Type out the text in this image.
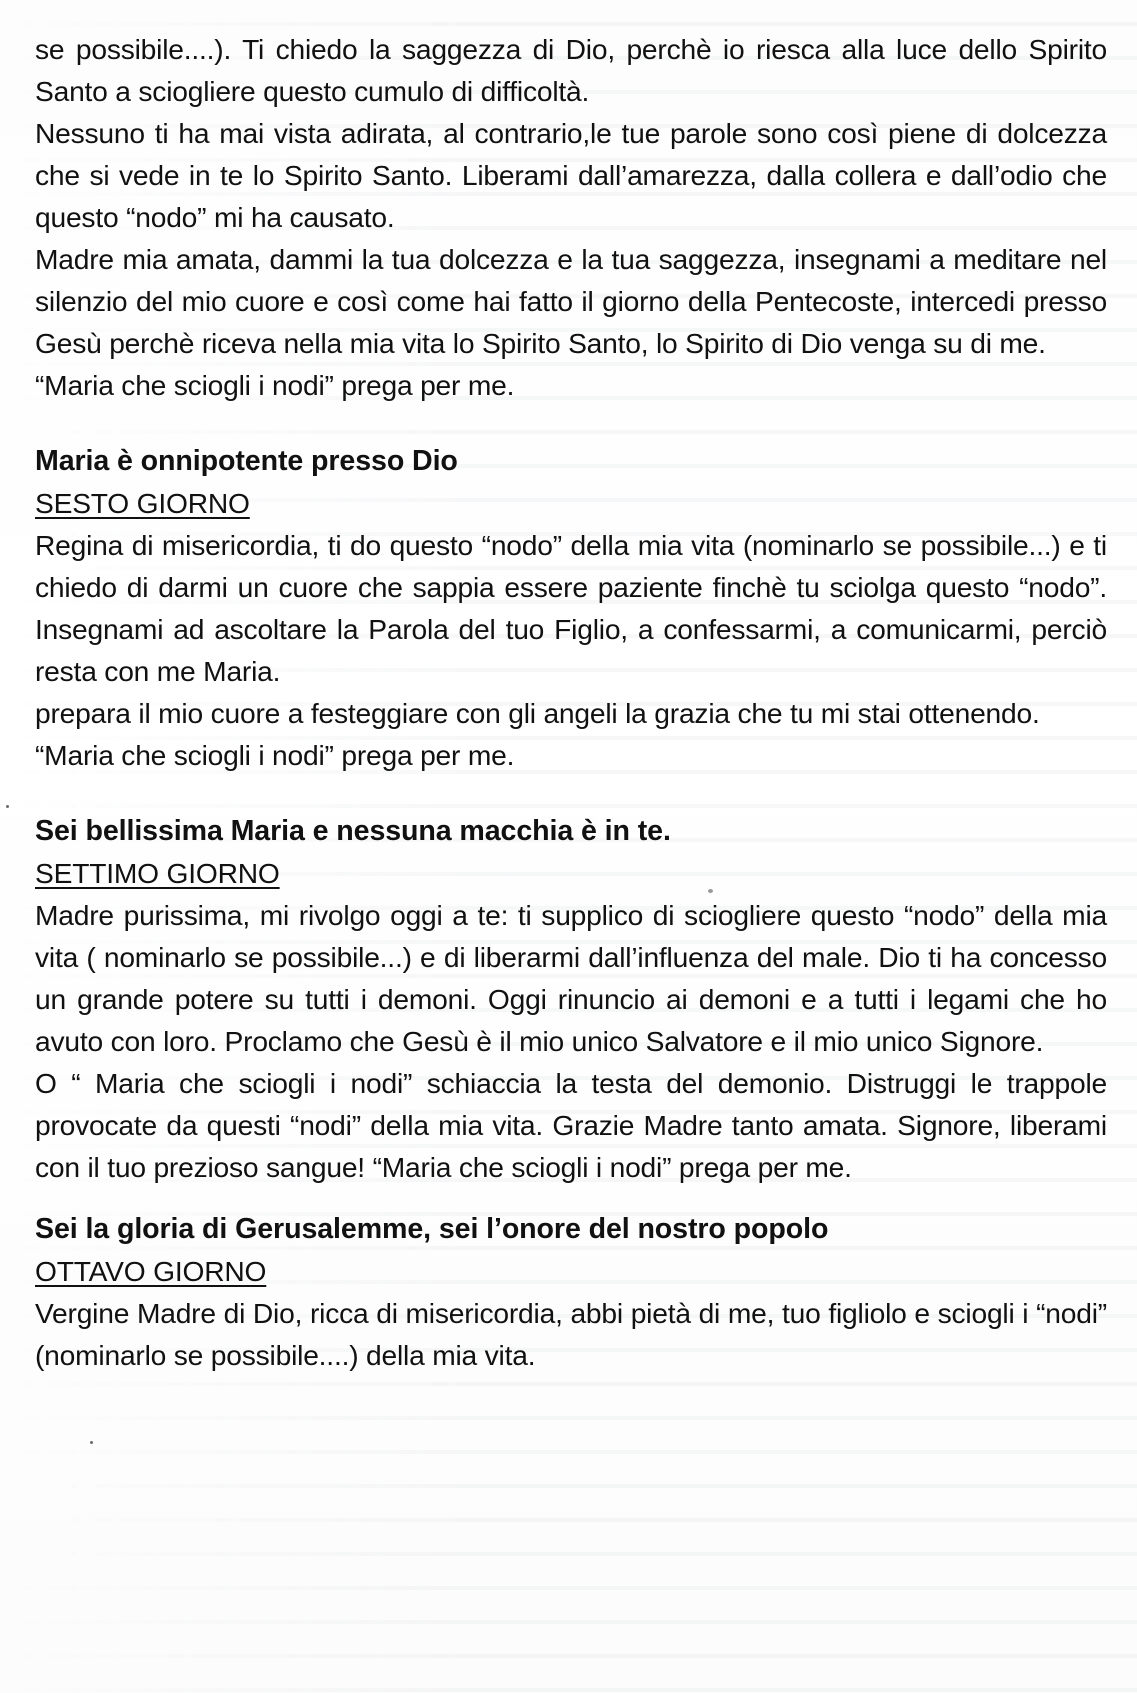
se possibile....). Ti chiedo la saggezza di Dio, perchè io riesca alla luce dello Spirito Santo a sciogliere questo cumulo di difficoltà.

Nessuno ti ha mai vista adirata, al contrario,le tue parole sono così piene di dolcezza che si vede in te lo Spirito Santo. Liberami dall’amarezza, dalla collera e dall’odio che questo “nodo” mi ha causato.

Madre mia amata, dammi la tua dolcezza e la tua saggezza, insegnami a meditare nel silenzio del mio cuore e così come hai fatto il giorno della Pentecoste, intercedi presso Gesù perchè riceva nella mia vita lo Spirito Santo, lo Spirito di Dio venga su di me.

“Maria che sciogli i nodi” prega per me.

Maria è onnipotente presso Dio

SESTO GIORNO

Regina di misericordia, ti do questo “nodo” della mia vita (nominarlo se possibile...) e ti chiedo di darmi un cuore che sappia essere paziente finchè tu sciolga questo “nodo”. Insegnami ad ascoltare la Parola del tuo Figlio, a confessarmi, a comunicarmi, perciò resta con me Maria.

prepara il mio cuore a festeggiare con gli angeli la grazia che tu mi stai ottenendo.

“Maria che sciogli i nodi” prega per me.

Sei bellissima Maria e nessuna macchia è in te.

SETTIMO GIORNO

Madre purissima, mi rivolgo oggi a te: ti supplico di sciogliere questo “nodo” della mia vita ( nominarlo se possibile...) e di liberarmi dall’influenza del male. Dio ti ha concesso un grande potere su tutti i demoni. Oggi rinuncio ai demoni e a tutti i legami che ho avuto con loro. Proclamo che Gesù è il mio unico Salvatore e il mio unico Signore.

O “ Maria che sciogli i nodi” schiaccia la testa del demonio. Distruggi le trappole provocate da questi “nodi” della mia vita. Grazie Madre tanto amata. Signore, liberami con il tuo prezioso sangue! “Maria che sciogli i nodi” prega per me.

Sei la gloria di Gerusalemme, sei l’onore del nostro popolo

OTTAVO GIORNO

Vergine Madre di Dio, ricca di misericordia, abbi pietà di me, tuo figliolo e sciogli i “nodi” (nominarlo se possibile....) della mia vita.
